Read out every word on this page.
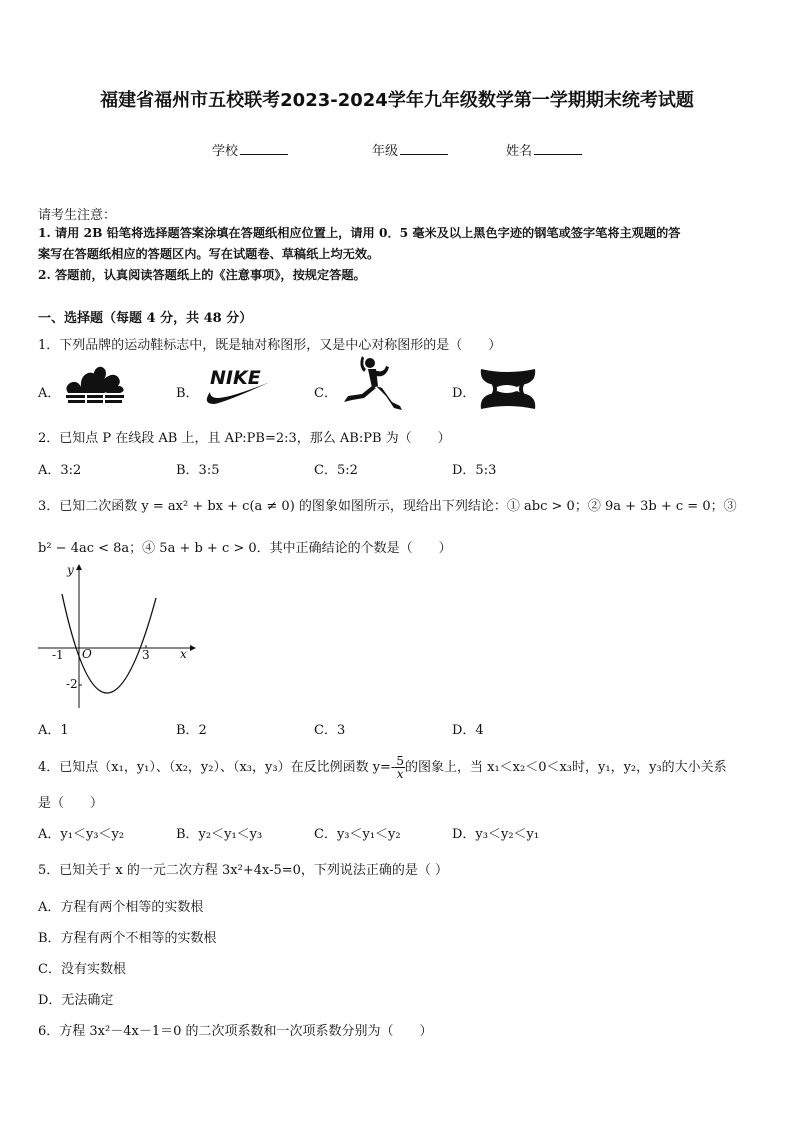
福建省福州市五校联考2023-2024学年九年级数学第一学期期末统考试题
学校	年级	姓名
请考生注意：
1. 请用 2B 铅笔将选择题答案涂填在答题纸相应位置上，请用 0．5 毫米及以上黑色字迹的钢笔或签字笔将主观题的答
案写在答题纸相应的答题区内。写在试题卷、草稿纸上均无效。
2. 答题前，认真阅读答题纸上的《注意事项》，按规定答题。
一、选择题（每题 4 分，共 48 分）
1．下列品牌的运动鞋标志中，既是轴对称图形，又是中心对称图形的是（　　）
A．	B．
NIKE
C．	D．
2．已知点 P 在线段 AB 上，且 AP:PB=2:3，那么 AB:PB 为（　　）
A．3:2	B．3:5	C．5:2	D．5:3
3．已知二次函数 y = ax² + bx + c(a ≠ 0) 的图象如图所示，现给出下列结论：① abc > 0；② 9a + 3b + c = 0；③
b² − 4ac < 8a；④ 5a + b + c > 0．其中正确结论的个数是（　　）
y
x
O
-1	3
-2
A．1	B．2	C．3	D．4
4．已知点（x₁，y₁）、（x₂，y₂）、（x₃，y₃）在反比例函数 $y=- \frac{5}{x}$ 的图象上，当 x₁＜x₂＜0＜x₃时，y₁，y₂，y₃的大小关系
是（　　）
A．y₁＜y₃＜y₂	B．y₂＜y₁＜y₃	C．y₃＜y₁＜y₂	D．y₃＜y₂＜y₁
5．已知关于 x 的一元二次方程 3x²+4x-5=0，下列说法正确的是（ ）
A．方程有两个相等的实数根
B．方程有两个不相等的实数根
C．没有实数根
D．无法确定
6．方程 3x²－4x－1＝0 的二次项系数和一次项系数分别为（　　）
